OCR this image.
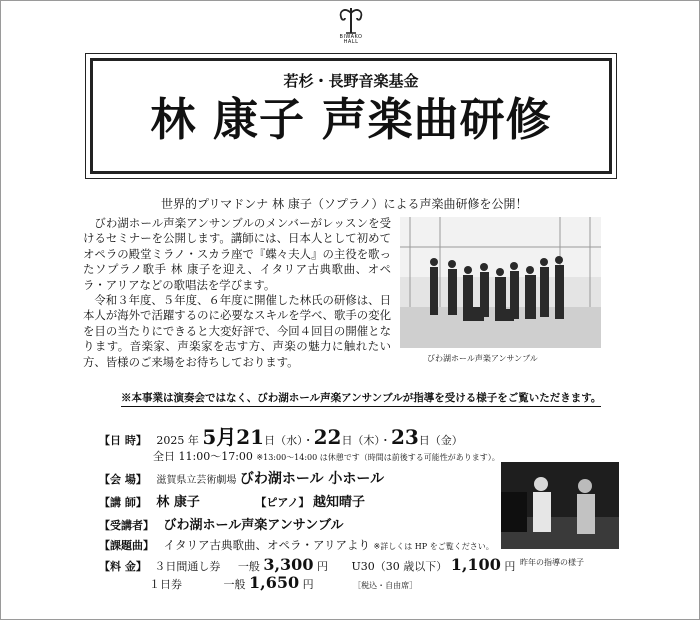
BIWAKO
HALL
若杉・長野音楽基金
林 康子 声楽曲研修
世界的プリマドンナ 林 康子（ソプラノ）による声楽曲研修を公開！

びわ湖ホール声楽アンサンブルのメンバーがレッスンを受けるセミナーを公開します。講師には、日本人として初めてオペラの殿堂ミラノ・スカラ座で『蝶々夫人』の主役を歌ったソプラノ歌手 林 康子を迎え、イタリア古典歌曲、オペラ・アリアなどの歌唱法を学びます。

令和３年度、５年度、６年度に開催した林氏の研修は、日本人が海外で活躍するのに必要なスキルを学べ、歌手の変化を目の当たりにできると大変好評で、今回４回目の開催となります。音楽家、声楽家を志す方、声楽の魅力に触れたい方、皆様のご来場をお待ちしております。	びわ湖ホール声楽アンサンブル
※本事業は演奏会ではなく、びわ湖ホール声楽アンサンブルが指導を受ける様子をご覧いただきます。
【日 時】 2025 年 5月21日（水）・22日（木）・23日（金）
全日 11:00〜17:00 ※13:00〜14:00 は休憩です（時間は前後する可能性があります）。
【会 場】 滋賀県立芸術劇場 びわ湖ホール 小ホール
【講 師】 林 康子	【ピアノ】 越知晴子
【受講者】 びわ湖ホール声楽アンサンブル
【課題曲】 イタリア古典歌曲、オペラ・アリアより ※詳しくは HP をご覧ください。
【料 金】 ３日間通し券 一般 3,300 円 U30（30 歳以下） 1,100 円
１日券	一般 1,650 円	［税込・自由席］
昨年の指導の様子
